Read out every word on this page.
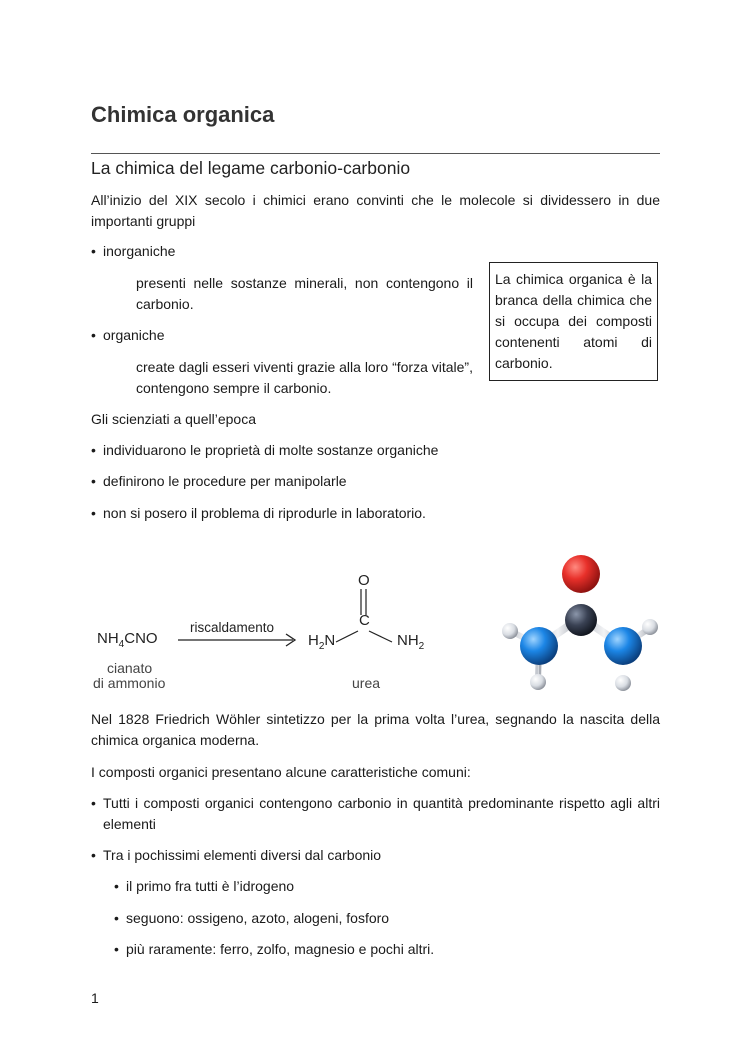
Chimica organica
La chimica del legame carbonio-carbonio
All’inizio del XIX secolo i chimici erano convinti che le molecole si dividessero in due importanti gruppi
• inorganiche
presenti nelle sostanze minerali, non contengono il carbonio.
• organiche
create dagli esseri viventi grazie alla loro “forza vitale”, contengono sempre il carbonio.
La chimica organica è la branca della chimica che si occupa dei composti contenenti atomi di carbonio.
Gli scienziati a quell’epoca
• individuarono le proprietà di molte sostanze organiche
• definirono le procedure per manipolarle
• non si posero il problema di riprodurle in laboratorio.
Nel 1828 Friedrich Wöhler sintetizzo per la prima volta l’urea, segnando la nascita della chimica organica moderna.
I composti organici presentano alcune caratteristiche comuni:
• Tutti i composti organici contengono carbonio in quantità predominante rispetto agli altri elementi
• Tra i pochissimi elementi diversi dal carbonio
• il primo fra tutti è l’idrogeno
• seguono: ossigeno, azoto, alogeni, fosforo
• più raramente: ferro, zolfo, magnesio e pochi altri.
$NH_4CNO$
cianato
di ammonio
riscaldamento
O
C
$H_2N$	$NH_2$
urea
1
